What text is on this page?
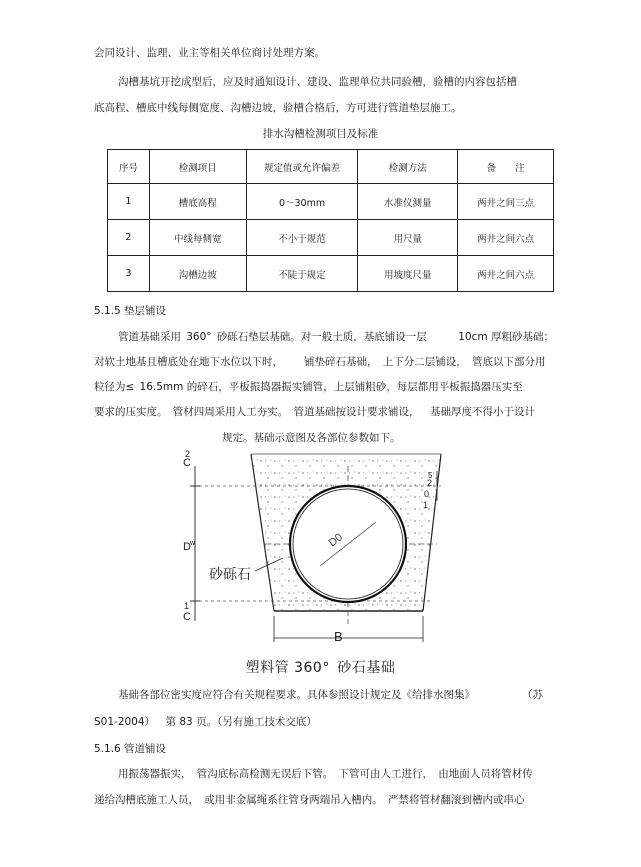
会同设计、监理、业主等相关单位商讨处理方案。
沟槽基坑开挖成型后，应及时通知设计、建设、监理单位共同验槽，验槽的内容包括槽
底高程、槽底中线每侧宽度、沟槽边坡，验槽合格后，方可进行管道垫层施工。
排水沟槽检测项目及标准
序号	检测项目	规定值或允许偏差	检测方法	备　　注
1	槽底高程	0～30mm	水准仪测量	两井之间三点
2	中线每侧宽	不小于规范	用尺量	两井之间六点
3	沟槽边坡	不陡于规定	用坡度尺量	两井之间六点
5.1.5 垫层铺设
管道基础采用 360° 砂砾石垫层基础。对一般土质，基底铺设一层   10cm 厚粗砂基础；
对软土地基且槽底处在地下水位以下时，  铺垫碎石基础， 上下分二层铺设， 管底以下部分用
粒径为≤ 16.5mm 的碎石，平板振捣器振实铺管，上层铺粗砂，每层都用平板振捣器压实至
要求的压实度。 管材四周采用人工夯实。 管道基础按设计要求铺设，  基础厚度不得小于设计
规定。基础示意图及各部位参数如下。
2
C
1
C
D w	D0
砂砾石
B
5
2
0
1
塑料管 360° 砂石基础
基础各部位密实度应符合有关规程要求。具体参照设计规定及《给排水图集》	（苏
S01-2004） 第 83 页。（另有施工技术交底）
5.1.6 管道铺设
用振荡器振实， 管沟底标高检测无误后下管。 下管可由人工进行， 由地面人员将管材传
递给沟槽底施工人员， 或用非金属绳系往管身两端吊入槽内。 严禁将管材翻滚到槽内或串心
